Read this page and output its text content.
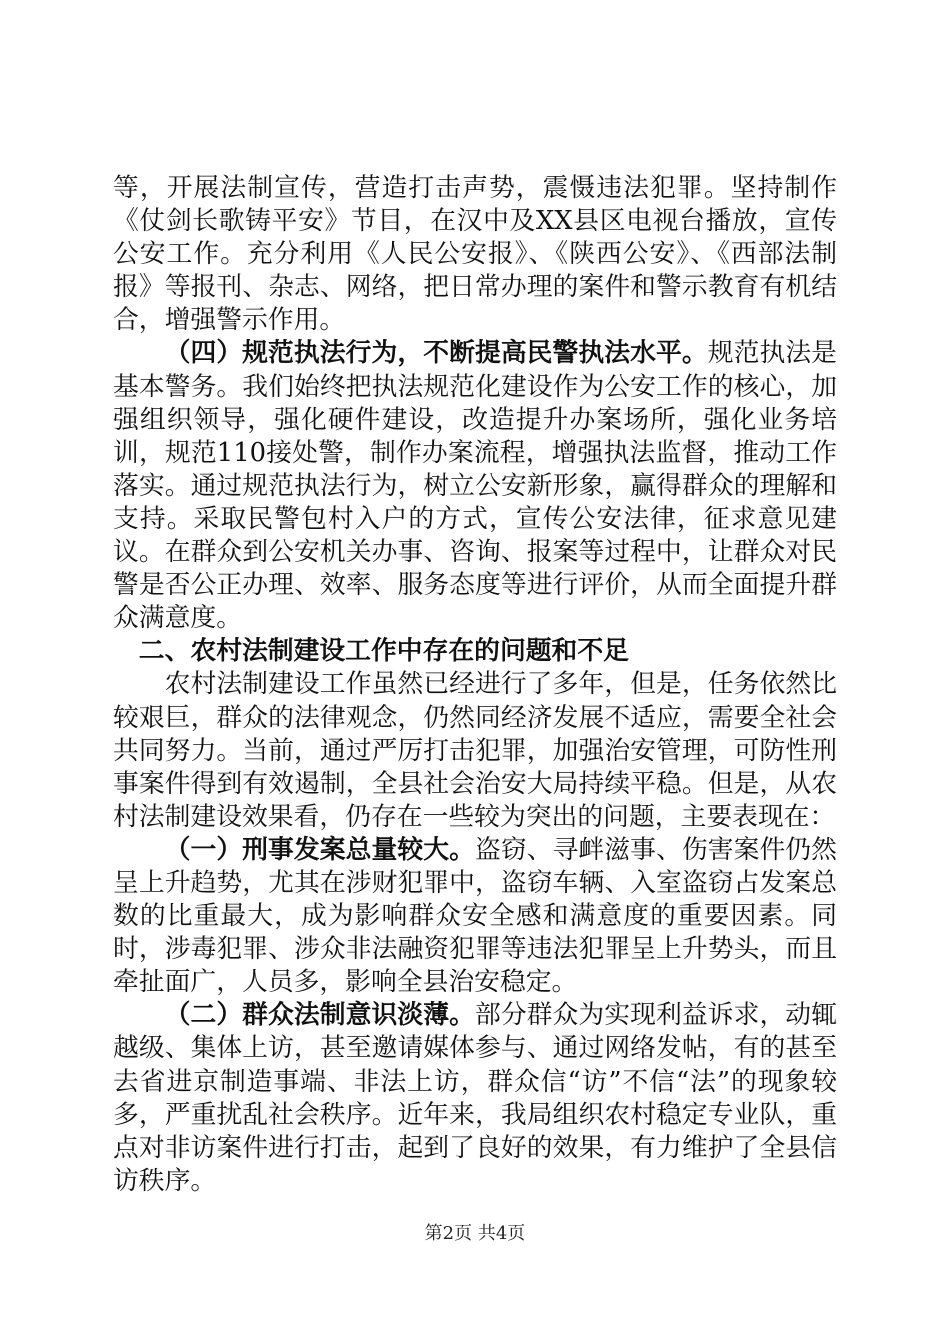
等，开展法制宣传，营造打击声势，震慑违法犯罪。坚持制作《仗剑长歌铸平安》节目，在汉中及XX县区电视台播放，宣传公安工作。充分利用《人民公安报》、《陕西公安》、《西部法制报》等报刊、杂志、网络，把日常办理的案件和警示教育有机结合，增强警示作用。

（四）规范执法行为，不断提高民警执法水平。规范执法是基本警务。我们始终把执法规范化建设作为公安工作的核心，加强组织领导，强化硬件建设，改造提升办案场所，强化业务培训，规范110接处警，制作办案流程，增强执法监督，推动工作落实。通过规范执法行为，树立公安新形象，赢得群众的理解和支持。采取民警包村入户的方式，宣传公安法律，征求意见建议。在群众到公安机关办事、咨询、报案等过程中，让群众对民警是否公正办理、效率、服务态度等进行评价，从而全面提升群众满意度。

二、农村法制建设工作中存在的问题和不足

农村法制建设工作虽然已经进行了多年，但是，任务依然比较艰巨，群众的法律观念，仍然同经济发展不适应，需要全社会共同努力。当前，通过严厉打击犯罪，加强治安管理，可防性刑事案件得到有效遏制，全县社会治安大局持续平稳。但是，从农村法制建设效果看，仍存在一些较为突出的问题，主要表现在：

（一）刑事发案总量较大。盗窃、寻衅滋事、伤害案件仍然呈上升趋势，尤其在涉财犯罪中，盗窃车辆、入室盗窃占发案总数的比重最大，成为影响群众安全感和满意度的重要因素。同时，涉毒犯罪、涉众非法融资犯罪等违法犯罪呈上升势头，而且牵扯面广，人员多，影响全县治安稳定。

（二）群众法制意识淡薄。部分群众为实现利益诉求，动辄越级、集体上访，甚至邀请媒体参与、通过网络发帖，有的甚至去省进京制造事端、非法上访，群众信“访”不信“法”的现象较多，严重扰乱社会秩序。近年来，我局组织农村稳定专业队，重点对非访案件进行打击，起到了良好的效果，有力维护了全县信访秩序。

第2页 共4页
